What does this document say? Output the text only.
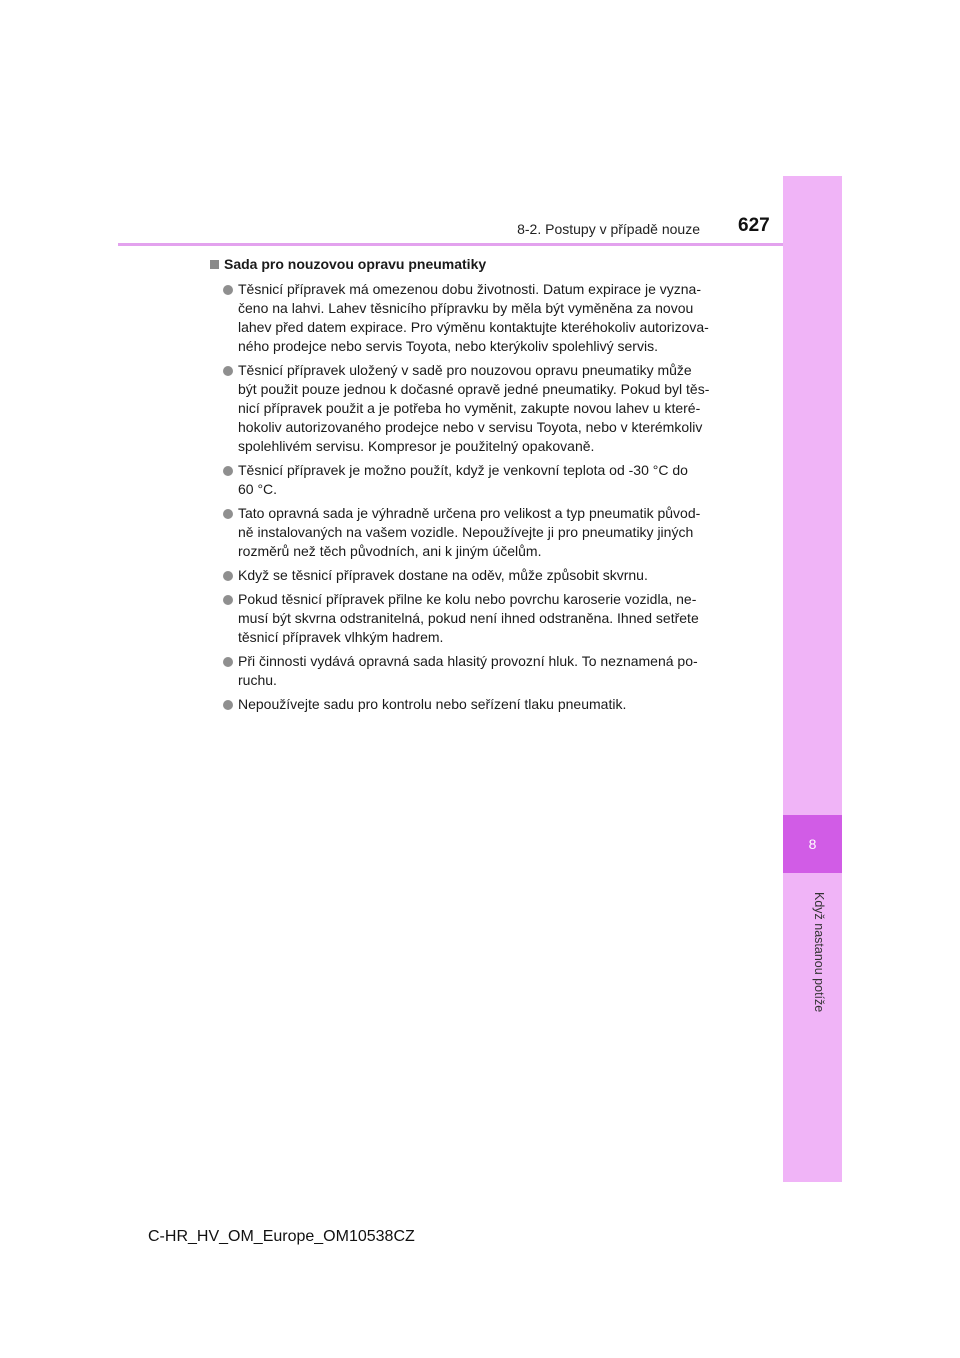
8
Když nastanou potíže
8-2. Postupy v případě nouze 627
Sada pro nouzovou opravu pneumatiky
Těsnicí přípravek má omezenou dobu životnosti. Datum expirace je vyzna-
čeno na lahvi. Lahev těsnicího přípravku by měla být vyměněna za novou
lahev před datem expirace. Pro výměnu kontaktujte kteréhokoliv autorizova-
ného prodejce nebo servis Toyota, nebo kterýkoliv spolehlivý servis.
Těsnicí přípravek uložený v sadě pro nouzovou opravu pneumatiky může
být použit pouze jednou k dočasné opravě jedné pneumatiky. Pokud byl těs-
nicí přípravek použit a je potřeba ho vyměnit, zakupte novou lahev u které-
hokoliv autorizovaného prodejce nebo v servisu Toyota, nebo v kterémkoliv
spolehlivém servisu. Kompresor je použitelný opakovaně.
Těsnicí přípravek je možno použít, když je venkovní teplota od -30 °C do
60 °C.
Tato opravná sada je výhradně určena pro velikost a typ pneumatik původ-
ně instalovaných na vašem vozidle. Nepoužívejte ji pro pneumatiky jiných
rozměrů než těch původních, ani k jiným účelům.
Když se těsnicí přípravek dostane na oděv, může způsobit skvrnu.
Pokud těsnicí přípravek přilne ke kolu nebo povrchu karoserie vozidla, ne-
musí být skvrna odstranitelná, pokud není ihned odstraněna. Ihned setřete
těsnicí přípravek vlhkým hadrem.
Při činnosti vydává opravná sada hlasitý provozní hluk. To neznamená po-
ruchu.
Nepoužívejte sadu pro kontrolu nebo seřízení tlaku pneumatik.
C-HR_HV_OM_Europe_OM10538CZ
